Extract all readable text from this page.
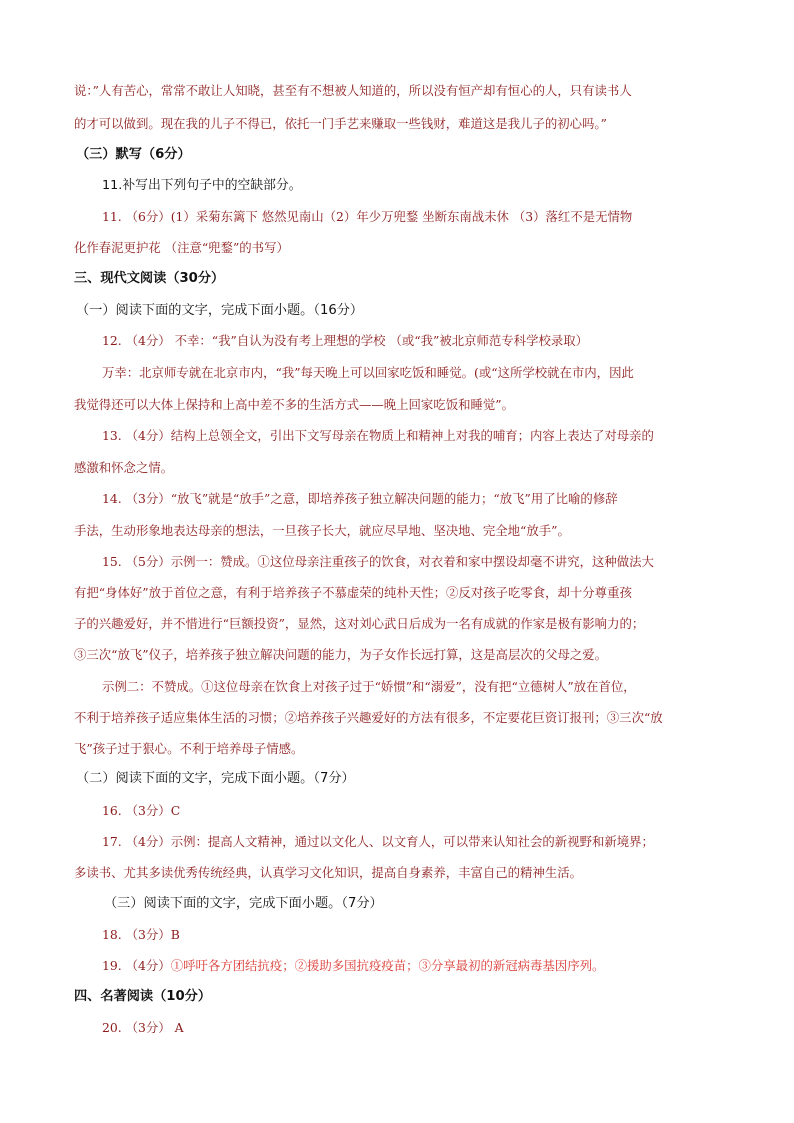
说：”人有苦心，常常不敢让人知晓，甚至有不想被人知道的，所以没有恒产却有恒心的人，只有读书人
的才可以做到。现在我的儿子不得已，依托一门手艺来赚取一些钱财，难道这是我儿子的初心吗。”
（三）默写（6分）
11.补写出下列句子中的空缺部分。
11. （6分）(1）采菊东篱下 悠然见南山（2）年少万兜鍪 坐断东南战未休 （3）落红不是无情物
化作春泥更护花 （注意“兜鍪”的书写）
三、现代文阅读（30分）
（一）阅读下面的文字，完成下面小题。（16分）
12. （4分） 不幸：“我”自认为没有考上理想的学校 （或“我”被北京师范专科学校录取）
万幸：北京师专就在北京市内，“我”每天晚上可以回家吃饭和睡觉。(或“这所学校就在市内，因此
我觉得还可以大体上保持和上高中差不多的生活方式——晚上回家吃饭和睡觉”。
13. （4分）结构上总领全文，引出下文写母亲在物质上和精神上对我的哺育；内容上表达了对母亲的
感激和怀念之情。
14. （3分）“放飞”就是“放手”之意，即培养孩子独立解决问题的能力；“放飞”用了比喻的修辞
手法，生动形象地表达母亲的想法，一旦孩子长大，就应尽早地、坚决地、完全地“放手”。
15. （5分）示例一：赞成。①这位母亲注重孩子的饮食，对衣着和家中摆设却毫不讲究，这种做法大
有把“身体好”放于首位之意，有利于培养孩子不慕虚荣的纯朴天性；②反对孩子吃零食，却十分尊重孩
子的兴趣爱好，并不惜进行“巨额投资”，显然，这对刘心武日后成为一名有成就的作家是极有影响力的；
③三次“放飞”仪子，培养孩子独立解决问题的能力，为子女作长远打算，这是高层次的父母之爱。
示例二：不赞成。①这位母亲在饮食上对孩子过于“娇惯”和“溺爱”，没有把“立德树人”放在首位，
不利于培养孩子适应集体生活的习惯；②培养孩子兴趣爱好的方法有很多，不定要花巨资订报刊；③三次“放
飞”孩子过于狠心。不利于培养母子情感。
（二）阅读下面的文字，完成下面小题。（7分）
16. （3分）C
17. （4分）示例：提高人文精神，通过以文化人、以文育人，可以带来认知社会的新视野和新境界；
多读书、尤其多读优秀传统经典，认真学习文化知识，提高自身素养，丰富自己的精神生活。
（三）阅读下面的文字，完成下面小题。（7分）
18. （3分）B
19. （4分）①呼吁各方团结抗疫；②援助多国抗疫疫苗；③分享最初的新冠病毒基因序列。
四、名著阅读（10分）
20. （3分） A
